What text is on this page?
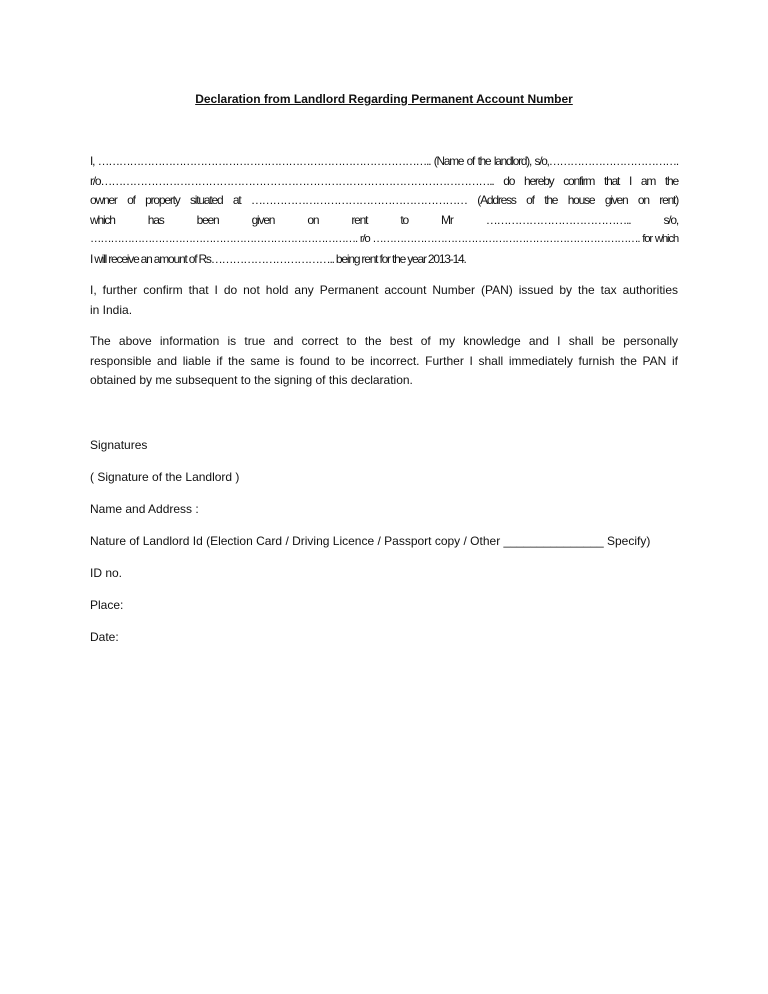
Declaration from Landlord Regarding Permanent Account Number
I, ………………………………………………………………………………….. (Name of the landlord), s/o,……………………………….
r/o……………………………………………………………………………………………….. do hereby confirm that I am the
owner of property situated at …………………………………………………… (Address of the house given on rent)
which has been given on rent to Mr ………………………………….. s/o,
……………………………………………………………………. r/o ……………………………………………………………………. for which
I will receive an amount of Rs…………………………….. being rent for the year 2013-14.
I, further confirm that I do not hold any Permanent account Number (PAN) issued by the tax authorities
in India.
The above information is true and correct to the best of my knowledge and I shall be personally
responsible and liable if the same is found to be incorrect. Further I shall immediately furnish the PAN if
obtained by me subsequent to the signing of this declaration.
Signatures
( Signature of the Landlord )
Name and Address :
Nature of Landlord Id (Election Card / Driving Licence / Passport copy / Other _______________ Specify)
ID no.
Place:
Date:
